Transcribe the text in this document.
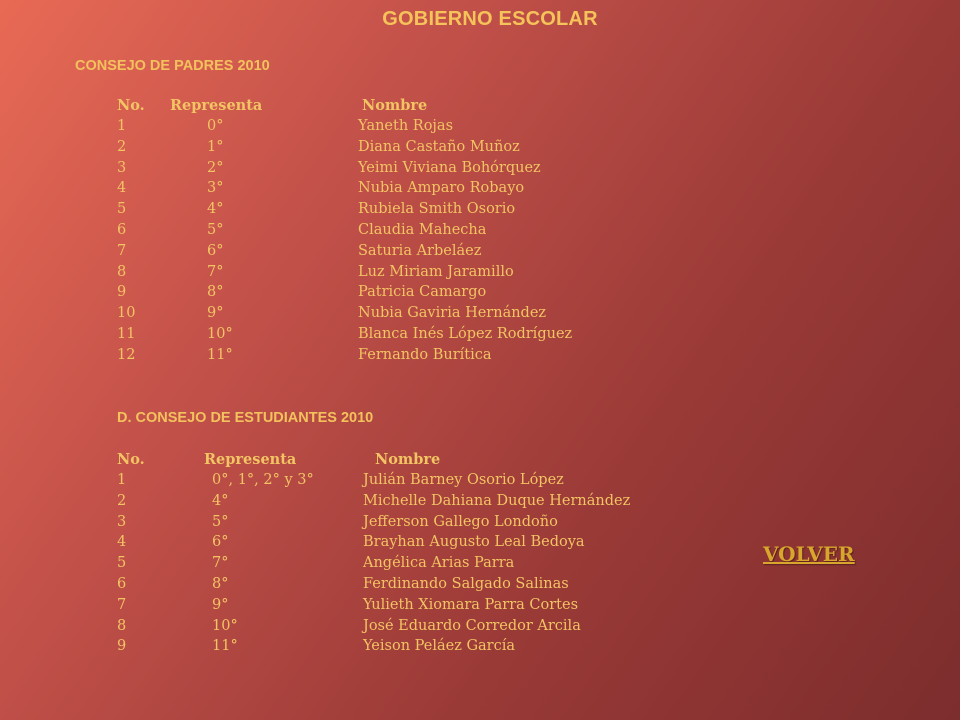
GOBIERNO ESCOLAR
CONSEJO DE PADRES 2010
No. Representa	Nombre
1	0°	Yaneth Rojas
2	1°	Diana Castaño Muñoz
3	2°	Yeimi Viviana Bohórquez
4	3°	Nubia Amparo Robayo
5	4°	Rubiela Smith Osorio
6	5°	Claudia Mahecha
7	6°	Saturia Arbeláez
8	7°	Luz Miriam Jaramillo
9	8°	Patricia Camargo
10	9°	Nubia Gaviria Hernández
11	10°	Blanca Inés López Rodríguez
12	11°	Fernando Burítica
D. CONSEJO DE ESTUDIANTES 2010
No.	Representa	Nombre
1	0°, 1°, 2° y 3°	Julián Barney Osorio López
2	4°	Michelle Dahiana Duque Hernández
3	5°	Jefferson Gallego Londoño
4	6°	Brayhan Augusto Leal Bedoya
5	7°	Angélica Arias Parra
6	8°	Ferdinando Salgado Salinas
7	9°	Yulieth Xiomara Parra Cortes
8	10°	José Eduardo Corredor Arcila
9	11°	Yeison Peláez García
VOLVER
